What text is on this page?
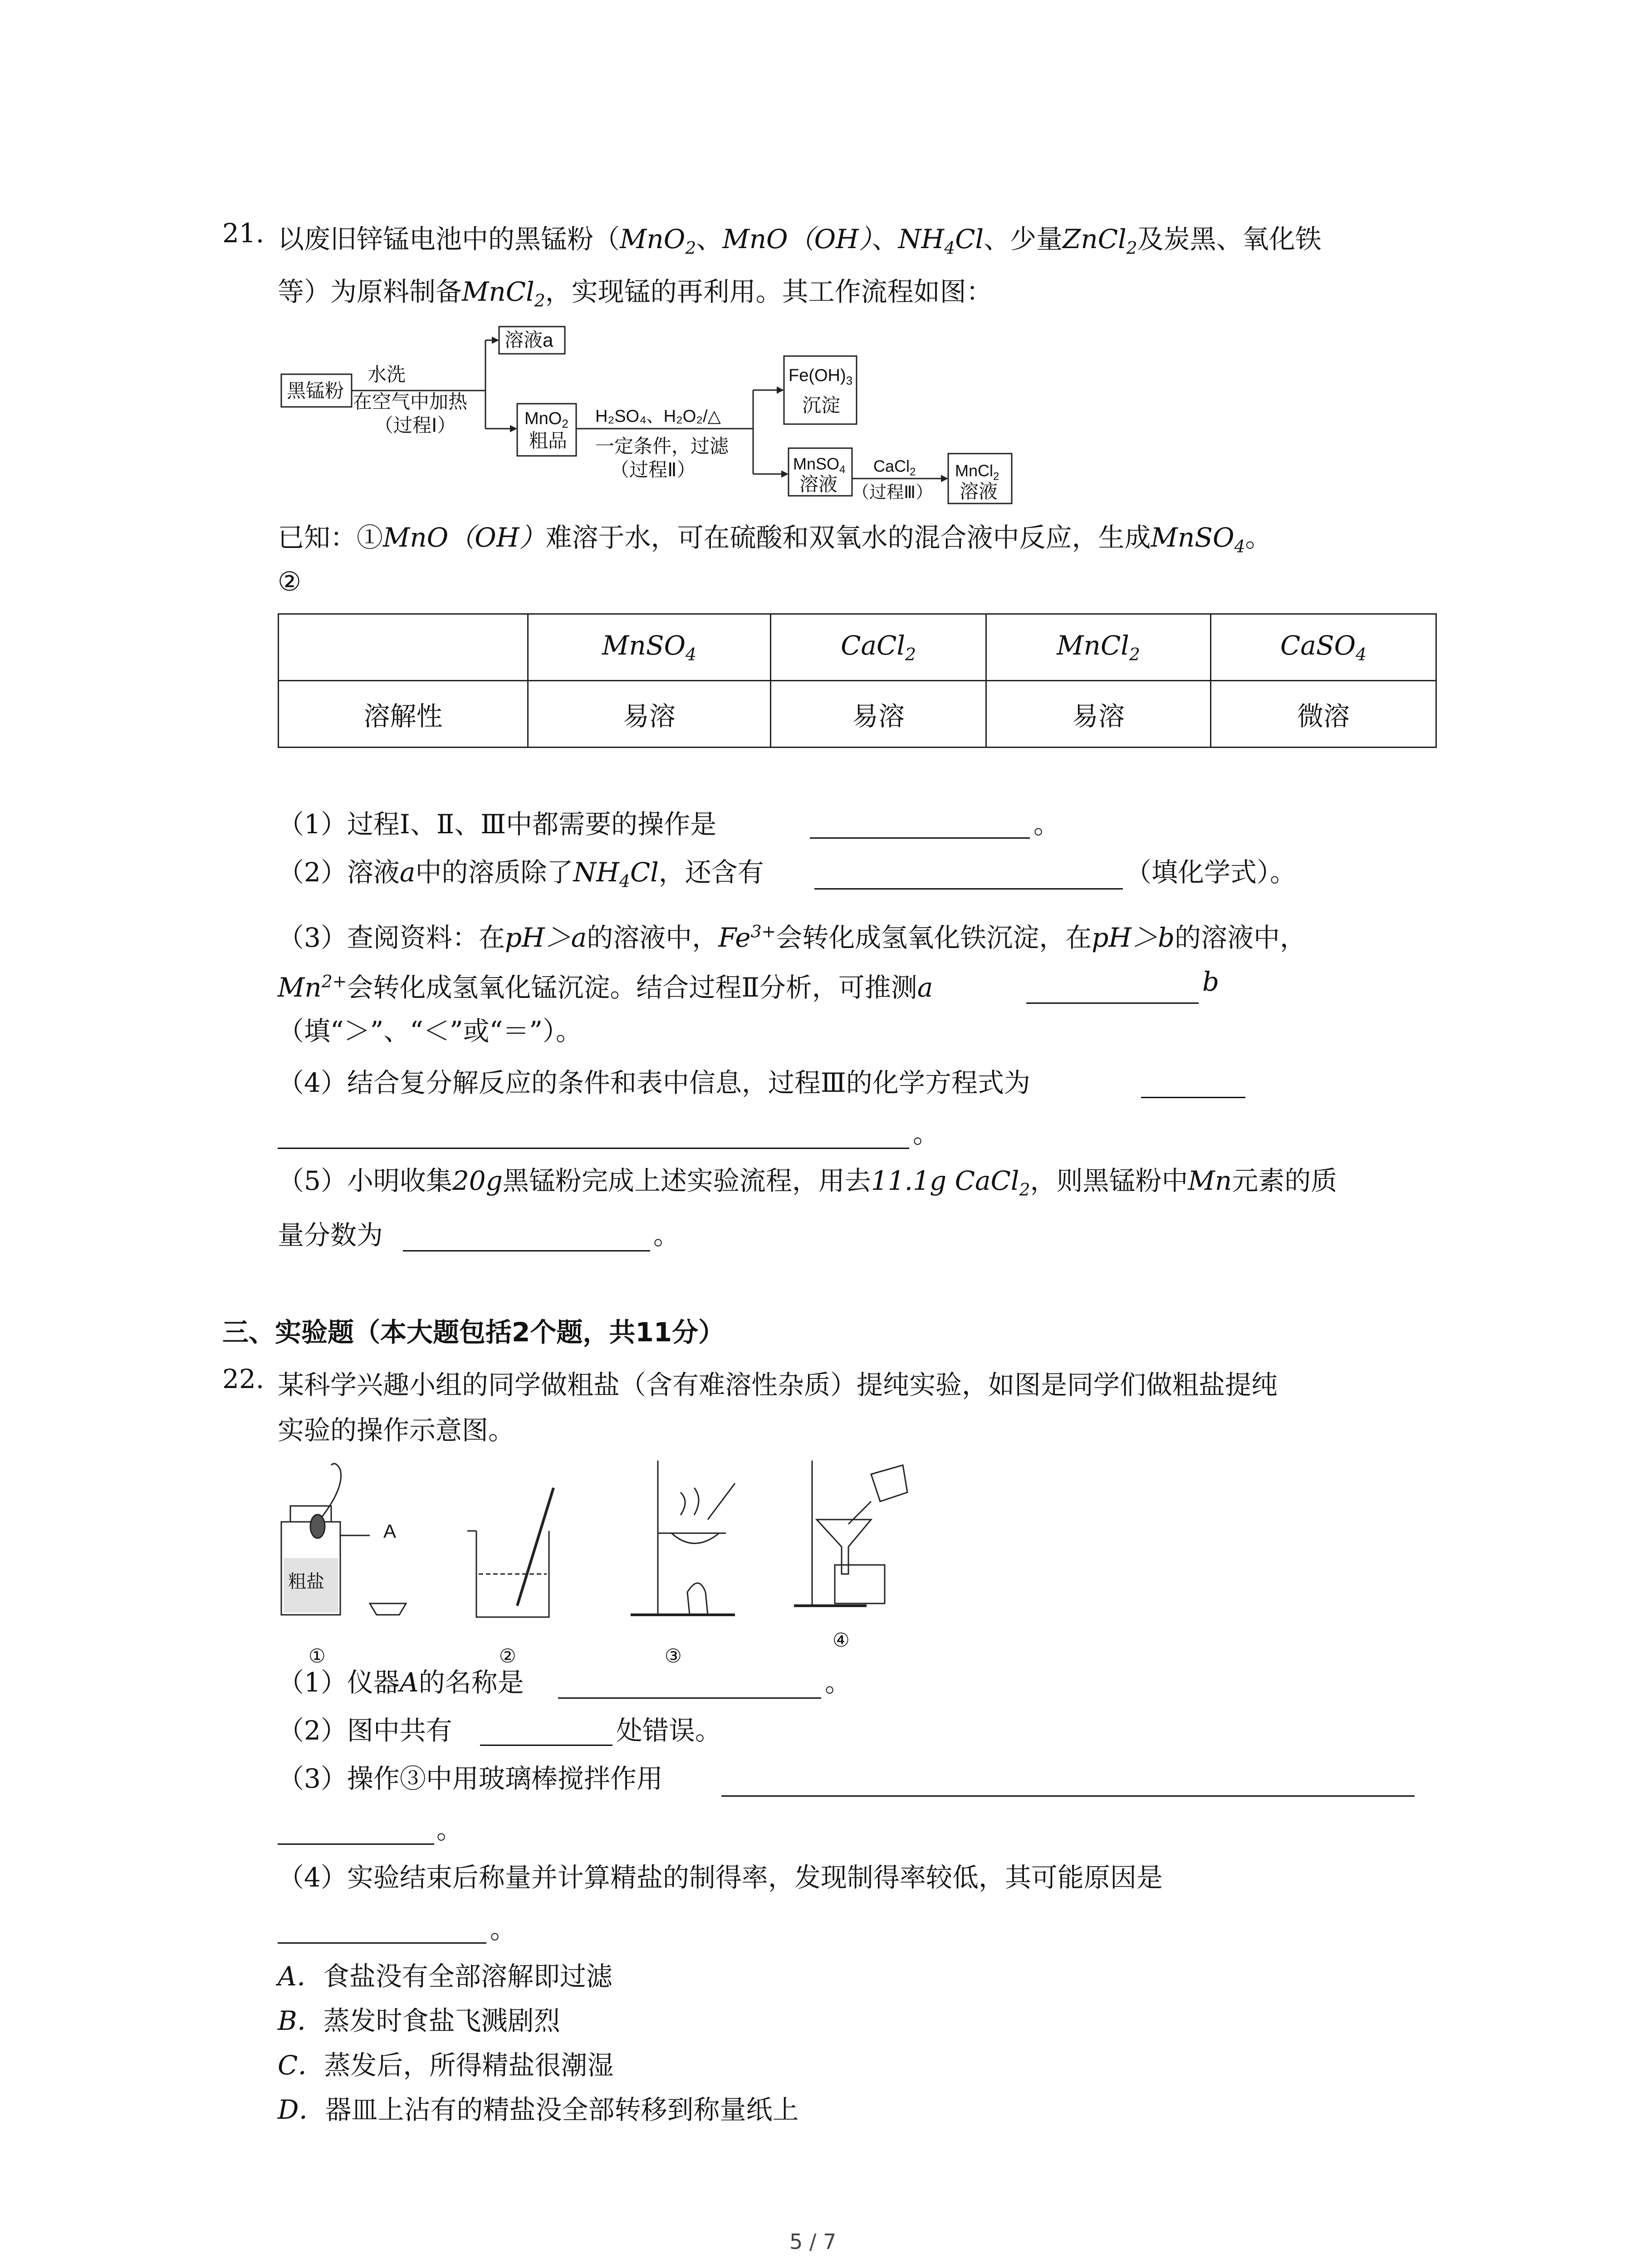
21. 以废旧锌锰电池中的黑锰粉（MnO$_2$、MnO（OH）、$NH_4Cl$、少量ZnCl$_2$及炭黑、氧化铁
等）为原料制备MnCl$_2$，实现锰的再利用。其工作流程如图：
黑锰粉
水洗
在空气中加热
（过程Ⅰ）
溶液a
MnO$_2$
粗品
H₂SO₄、H₂O₂/△
一定条件，过滤
（过程Ⅱ）
$Fe(OH)_3$
沉淀
MnSO$_4$
溶液
CaCl$_2$
（过程Ⅲ）
MnCl$_2$
溶液
已知：①MnO（OH）难溶于水，可在硫酸和双氧水的混合液中反应，生成MnSO$_4$。
②
	MnSO$_4$	CaCl$_2$	MnCl$_2$	CaSO$_4$
溶解性	易溶	易溶	易溶	微溶
（1）过程Ⅰ、Ⅱ、Ⅲ中都需要的操作是	。
（2）溶液a中的溶质除了$NH_4Cl$，还含有	（填化学式）。
（3）查阅资料：在pH＞a的溶液中，$Fe^{3+}$会转化成氢氧化铁沉淀，在pH＞b的溶液中，
$Mn^{2+}$会转化成氢氧化锰沉淀。结合过程Ⅱ分析，可推测a	b
（填“＞”、“＜”或“＝”）。
（4）结合复分解反应的条件和表中信息，过程Ⅲ的化学方程式为
。
（5）小明收集20g黑锰粉完成上述实验流程，用去11.1g CaCl$_2$，则黑锰粉中Mn元素的质
量分数为	。
三、实验题（本大题包括2个题，共11分）
22. 某科学兴趣小组的同学做粗盐（含有难溶性杂质）提纯实验，如图是同学们做粗盐提纯
实验的操作示意图。
A
粗盐
①	②	③
④
（1）仪器A的名称是	。
（2）图中共有	处错误。
（3）操作③中用玻璃棒搅拌作用
。
（4）实验结束后称量并计算精盐的制得率，发现制得率较低，其可能原因是
。
A．食盐没有全部溶解即过滤
B．蒸发时食盐飞溅剧烈
C．蒸发后，所得精盐很潮湿
D．器皿上沾有的精盐没全部转移到称量纸上
5 / 7
